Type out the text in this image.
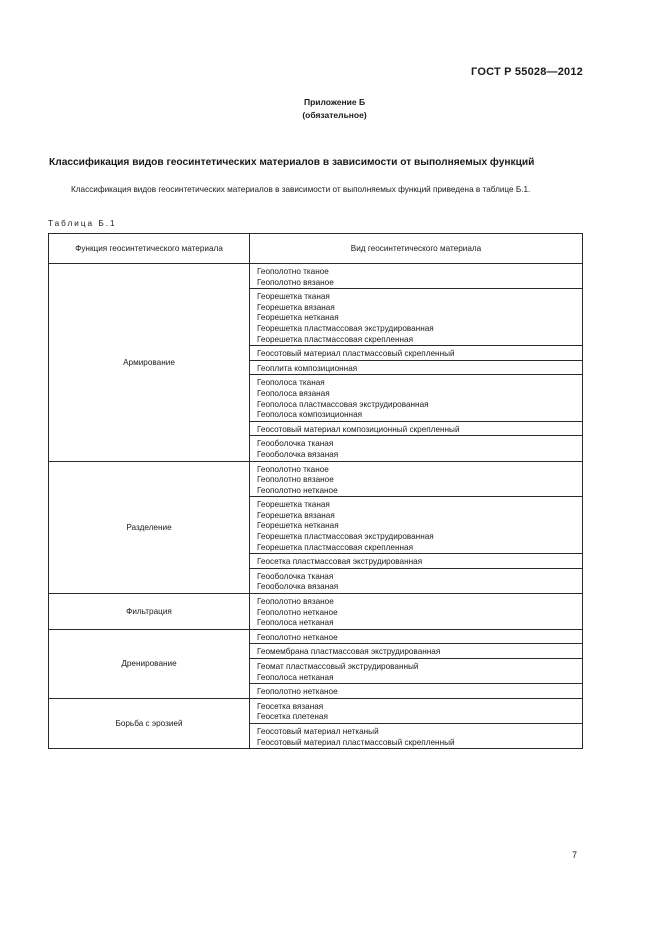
ГОСТ Р 55028—2012
Приложение Б
(обязательное)
Классификация видов геосинтетических материалов в зависимости от выполняемых функций
Классификация видов геосинтетических материалов в зависимости от выполняемых функций приведена в таблице Б.1.
Таблица Б.1
Функция геосинтетического материала	Вид геосинтетического материала
Армирование	Геополотно тканое
Геополотно вязаное

	Георешетка тканая
Георешетка вязаная
Георешетка нетканая
Георешетка пластмассовая экструдированная
Георешетка пластмассовая скрепленная

	Геосотовый материал пластмассовый скрепленный

	Геоплита композиционная

	Геополоса тканая
Геополоса вязаная
Геополоса пластмассовая экструдированная
Геополоса композиционная

	Геосотовый материал композиционный скрепленный

	Геооболочка тканая
Геооболочка вязаная

Разделение	Геополотно тканое
Геополотно вязаное
Геополотно нетканое

	Георешетка тканая
Георешетка вязаная
Георешетка нетканая
Георешетка пластмассовая экструдированная
Георешетка пластмассовая скрепленная

	Геосетка пластмассовая экструдированная

	Геооболочка тканая
Геооболочка вязаная

Фильтрация	Геополотно вязаное
Геополотно нетканое
Геополоса нетканая

Дренирование	Геополотно нетканое

	Геомембрана пластмассовая экструдированная

	Геомат пластмассовый экструдированный
Геополоса нетканая

	Геополотно нетканое

Борьба с эрозией	Геосетка вязаная
Геосетка плетеная

	Геосотовый материал нетканый
Геосотовый материал пластмассовый скрепленный
7
